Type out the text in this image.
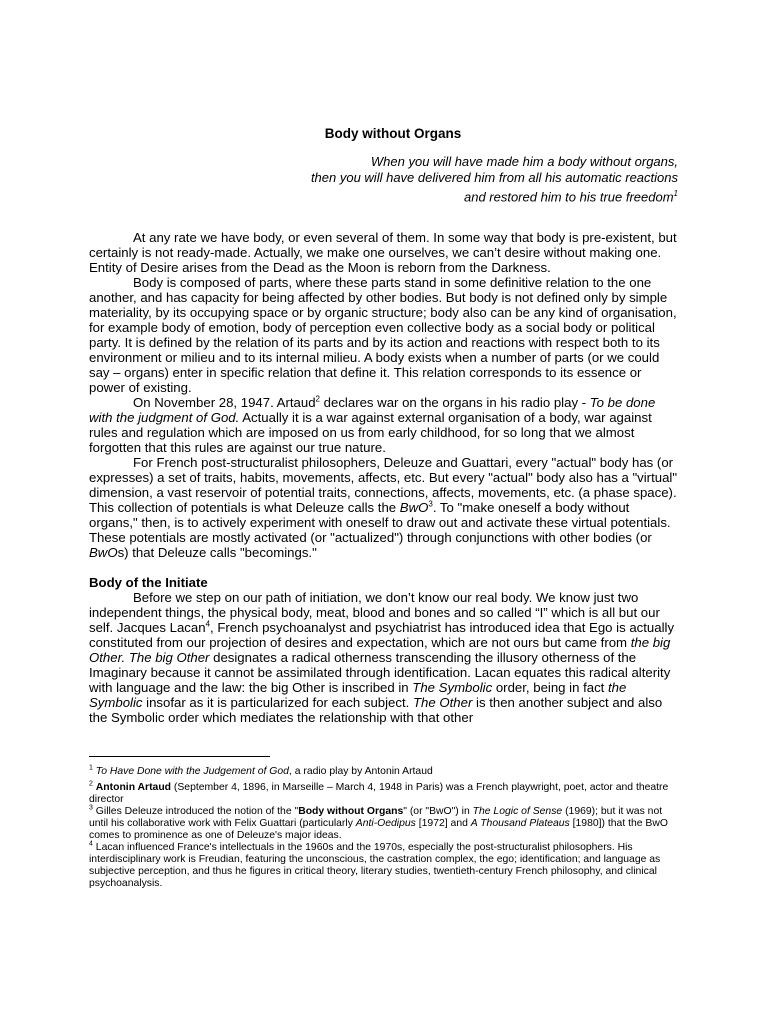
Body without Organs
When you will have made him a body without organs,
then you will have delivered him from all his automatic reactions
and restored him to his true freedom$^1$

At any rate we have body, or even several of them. In some way that body is pre-existent, but certainly is not ready-made. Actually, we make one ourselves, we can’t desire without making one. Entity of Desire arises from the Dead as the Moon is reborn from the Darkness.

Body is composed of parts, where these parts stand in some definitive relation to the one another, and has capacity for being affected by other bodies. But body is not defined only by simple materiality, by its occupying space or by organic structure; body also can be any kind of organisation, for example body of emotion, body of perception even collective body as a social body or political party. It is defined by the relation of its parts and by its action and reactions with respect both to its environment or milieu and to its internal milieu. A body exists when a number of parts (or we could say – organs) enter in specific relation that define it. This relation corresponds to its essence or power of existing.

On November 28, 1947. Artaud$^2$ declares war on the organs in his radio play - To be done with the judgment of God. Actually it is a war against external organisation of a body, war against rules and regulation which are imposed on us from early childhood, for so long that we almost forgotten that this rules are against our true nature.

For French post-structuralist philosophers, Deleuze and Guattari, every "actual" body has (or expresses) a set of traits, habits, movements, affects, etc. But every "actual" body also has a "virtual" dimension, a vast reservoir of potential traits, connections, affects, movements, etc. (a phase space). This collection of potentials is what Deleuze calls the BwO$^3$. To "make oneself a body without organs," then, is to actively experiment with oneself to draw out and activate these virtual potentials. These potentials are mostly activated (or "actualized") through conjunctions with other bodies (or BwOs) that Deleuze calls "becomings."

Body of the Initiate

Before we step on our path of initiation, we don’t know our real body. We know just two independent things, the physical body, meat, blood and bones and so called “I” which is all but our self. Jacques Lacan$^4$, French psychoanalyst and psychiatrist has introduced idea that Ego is actually constituted from our projection of desires and expectation, which are not ours but came from the big Other. The big Other designates a radical otherness transcending the illusory otherness of the Imaginary because it cannot be assimilated through identification. Lacan equates this radical alterity with language and the law: the big Other is inscribed in The Symbolic order, being in fact the Symbolic insofar as it is particularized for each subject. The Other is then another subject and also the Symbolic order which mediates the relationship with that other

$^1$ To Have Done with the Judgement of God, a radio play by Antonin Artaud

$^2$ Antonin Artaud (September 4, 1896, in Marseille – March 4, 1948 in Paris) was a French playwright, poet, actor and theatre director

$^3$ Gilles Deleuze introduced the notion of the "Body without Organs" (or "BwO") in The Logic of Sense (1969); but it was not until his collaborative work with Felix Guattari (particularly Anti-Oedipus [1972] and A Thousand Plateaus [1980]) that the BwO comes to prominence as one of Deleuze's major ideas.

$^4$ Lacan influenced France's intellectuals in the 1960s and the 1970s, especially the post-structuralist philosophers. His interdisciplinary work is Freudian, featuring the unconscious, the castration complex, the ego; identification; and language as subjective perception, and thus he figures in critical theory, literary studies, twentieth-century French philosophy, and clinical psychoanalysis.
